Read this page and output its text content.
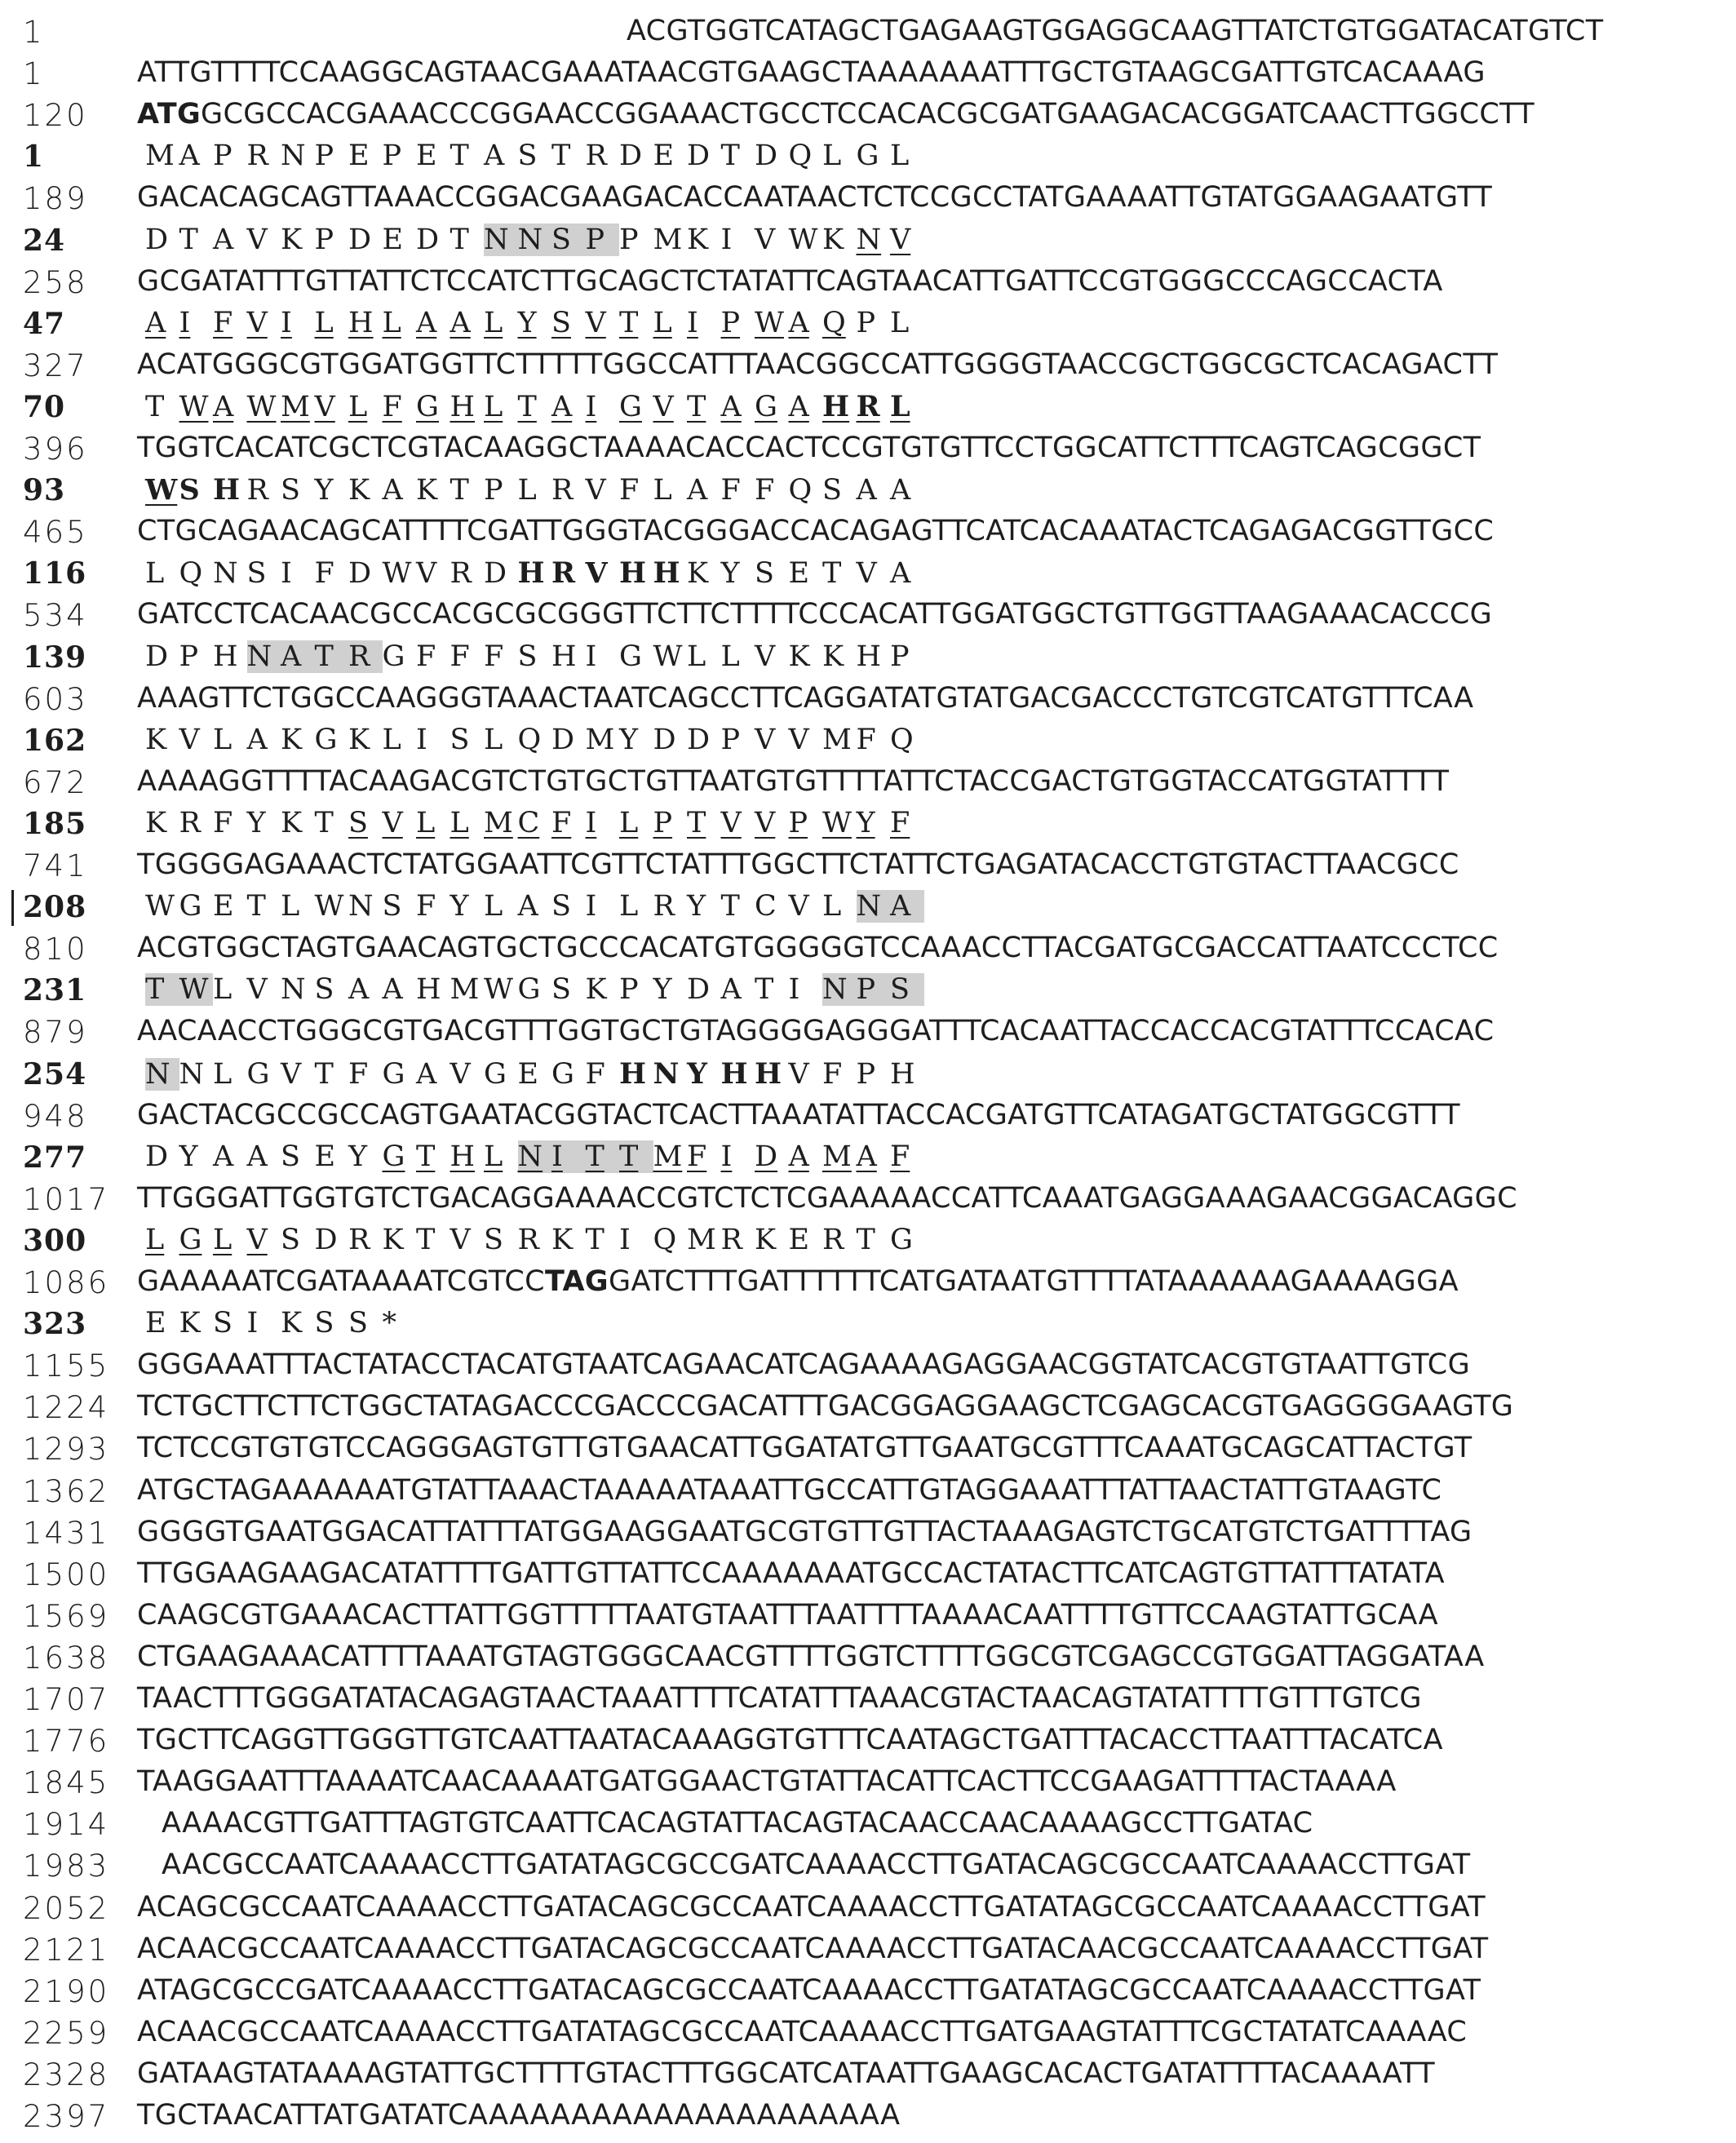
1	ACGTGGTCATAGCTGAGAAGTGGAGGCAAGTTATCTGTGGATACATGTCT
1	ATTGTTTTCCAAGGCAGTAACGAAATAACGTGAAGCTAAAAAAATTTGCTGTAAGCGATTGTCACAAAG
120	ATGGCGCCACGAAACCCGGAACCGGAAACTGCCTCCACACGCGATGAAGACACGGATCAACTTGGCCTT
1	M A P R N P E P E T A S T R D E D T D Q L G L
189	GACACAGCAGTTAAACCGGACGAAGACACCAATAACTCTCCGCCTATGAAAATTGTATGGAAGAATGTT
24	D T A V K P D E D T N N S P P M K I V W K N V
258	GCGATATTTGTTATTCTCCATCTTGCAGCTCTATATTCAGTAACATTGATTCCGTGGGCCCAGCCACTA
47	A I F V I L H L A A L Y S V T L I P W A Q P L
327	ACATGGGCGTGGATGGTTCTTTTTGGCCATTTAACGGCCATTGGGGTAACCGCTGGCGCTCACAGACTT
70	T W A W M V L F G H L T A I G V T A G A H R L
396	TGGTCACATCGCTCGTACAAGGCTAAAACACCACTCCGTGTGTTCCTGGCATTCTTTCAGTCAGCGGCT
93	WS H R S Y K A K T P L R V F L A F F Q S A A
465	CTGCAGAACAGCATTTTCGATTGGGTACGGGACCACAGAGTTCATCACAAATACTCAGAGACGGTTGCC
116	L Q N S I F D W V R D H R V H H K Y S E T V A
534	GATCCTCACAACGCCACGCGCGGGTTCTTCTTTTCCCACATTGGATGGCTGTTGGTTAAGAAACACCCG
139	D P H N A T R G F F F S H I G W L L V K K H P
603	AAAGTTCTGGCCAAGGGTAAACTAATCAGCCTTCAGGATATGTATGACGACCCTGTCGTCATGTTTCAA
162	K V L A K G K L I S L Q D M Y D D P V V M F Q
672	AAAAGGTTTTACAAGACGTCTGTGCTGTTAATGTGTTTTATTCTACCGACTGTGGTACCATGGTATTTT
185	K R F Y K T S V L L M C F I L P T V V P W Y F
741	TGGGGAGAAACTCTATGGAATTCGTTCTATTTGGCTTCTATTCTGAGATACACCTGTGTACTTAACGCC
208	W G E T L W N S F Y L A S I L R Y T C V L N A
810	ACGTGGCTAGTGAACAGTGCTGCCCACATGTGGGGGTCCAAACCTTACGATGCGACCATTAATCCCTCC
231	T W L V N S A A H M W G S K P Y D A T I N P S
879	AACAACCTGGGCGTGACGTTTGGTGCTGTAGGGGAGGGATTTCACAATTACCACCACGTATTTCCACAC
254	N N L G V T F G A V G E G F H N Y H H V F P H
948	GACTACGCCGCCAGTGAATACGGTACTCACTTAAATATTACCACGATGTTCATAGATGCTATGGCGTTT
277	D Y A A S E Y G T H L N I T T M F I D A M A F
1017 TTGGGATTGGTGTCTGACAGGAAAACCGTCTCTCGAAAAACCATTCAAATGAGGAAAGAACGGACAGGC
300	L G L V S D R K T V S R K T I Q M R K E R T G
1086 GAAAAATCGATAAAATCGTCCTAGGATCTTTGATTTTTTCATGATAATGTTTTATAAAAAAGAAAAGGA
323	E K S I K S S *
1155 GGGAAATTTACTATACCTACATGTAATCAGAACATCAGAAAAGAGGAACGGTATCACGTGTAATTGTCG
1224 TCTGCTTCTTCTGGCTATAGACCCGACCCGACATTTGACGGAGGAAGCTCGAGCACGTGAGGGGAAGTG
1293 TCTCCGTGTGTCCAGGGAGTGTTGTGAACATTGGATATGTTGAATGCGTTTCAAATGCAGCATTACTGT
1362 ATGCTAGAAAAAATGTATTAAACTAAAAATAAATTGCCATTGTAGGAAATTTATTAACTATTGTAAGTC
1431 GGGGTGAATGGACATTATTTATGGAAGGAATGCGTGTTGTTACTAAAGAGTCTGCATGTCTGATTTTAG
1500 TTGGAAGAAGACATATTTTGATTGTTATTCCAAAAAAATGCCACTATACTTCATCAGTGTTATTTATATA
1569 CAAGCGTGAAACACTTATTGGTTTTTAATGTAATTTAATTTTAAAACAATTTTGTTCCAAGTATTGCAA
1638 CTGAAGAAACATTTTAAATGTAGTGGGCAACGTTTTGGTCTTTTGGCGTCGAGCCGTGGATTAGGATAA
1707 TAACTTTGGGATATACAGAGTAACTAAATTTTCATATTTAAACGTACTAACAGTATATTTTGTTTGTCG
1776 TGCTTCAGGTTGGGTTGTCAATTAATACAAAGGTGTTTCAATAGCTGATTTACACCTTAATTTACATCA
1845 TAAGGAATTTAAAATCAACAAAATGATGGAACTGTATTACATTCACTTCCGAAGATTTTACTAAAA
1914	AAAACGTTGATTTAGTGTCAATTCACAGTATTACAGTACAACCAACAAAAGCCTTGATAC
1983	AACGCCAATCAAAACCTTGATATAGCGCCGATCAAAACCTTGATACAGCGCCAATCAAAACCTTGAT
2052 ACAGCGCCAATCAAAACCTTGATACAGCGCCAATCAAAACCTTGATATAGCGCCAATCAAAACCTTGAT
2121 ACAACGCCAATCAAAACCTTGATACAGCGCCAATCAAAACCTTGATACAACGCCAATCAAAACCTTGAT
2190 ATAGCGCCGATCAAAACCTTGATACAGCGCCAATCAAAACCTTGATATAGCGCCAATCAAAACCTTGAT
2259 ACAACGCCAATCAAAACCTTGATATAGCGCCAATCAAAACCTTGATGAAGTATTTCGCTATATCAAAAC
2328 GATAAGTATAAAAGTATTGCTTTTGTACTTTGGCATCATAATTGAAGCACACTGATATTTTACAAAATT
2397 TGCTAACATTATGATATCAAAAAAAAAAAAAAAAAAAAA
